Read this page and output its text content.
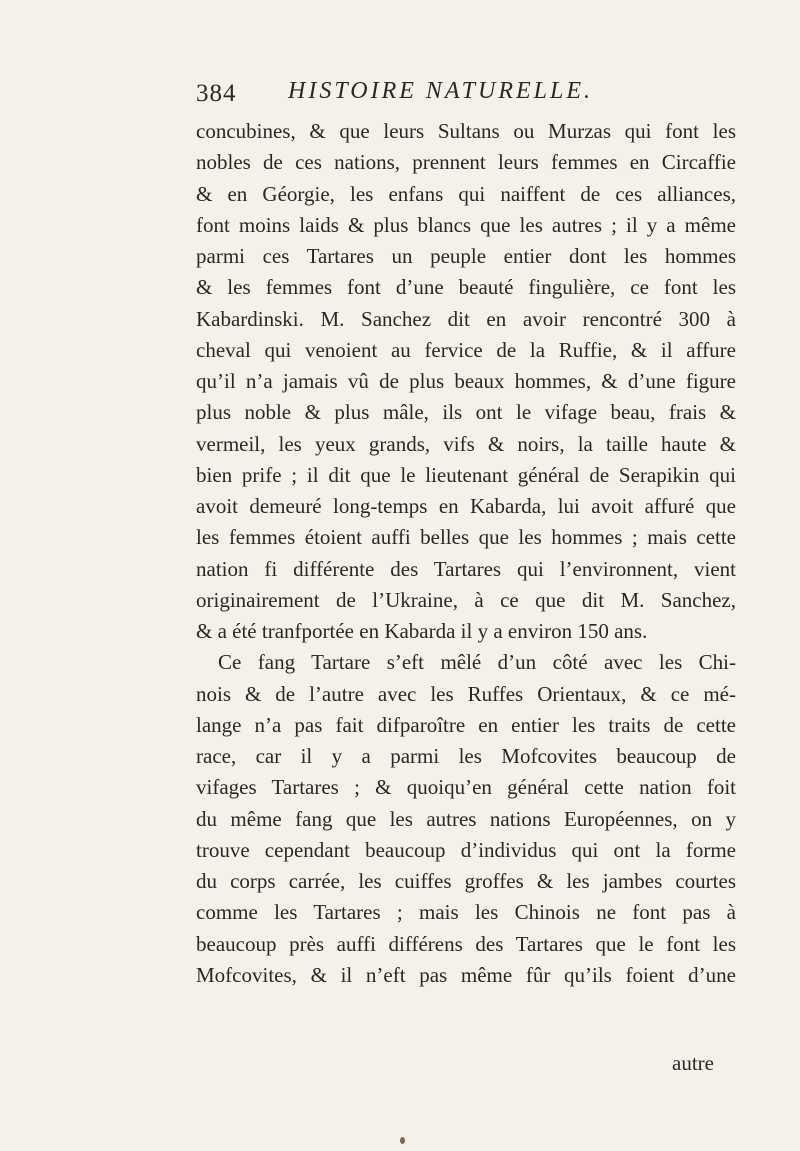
384 HISTOIRE NATURELLE.
concubines, & que leurs Sultans ou Murzas qui font les
nobles de ces nations, prennent leurs femmes en Circaffie
& en Géorgie, les enfans qui naiffent de ces alliances,
font moins laids & plus blancs que les autres ; il y a même
parmi ces Tartares un peuple entier dont les hommes
& les femmes font d’une beauté fingulière, ce font les
Kabardinski. M. Sanchez dit en avoir rencontré 300 à
cheval qui venoient au fervice de la Ruffie, & il affure
qu’il n’a jamais vû de plus beaux hommes, & d’une figure
plus noble & plus mâle, ils ont le vifage beau, frais &
vermeil, les yeux grands, vifs & noirs, la taille haute &
bien prife ; il dit que le lieutenant général de Serapikin qui
avoit demeuré long-temps en Kabarda, lui avoit affuré que
les femmes étoient auffi belles que les hommes ; mais cette
nation fi différente des Tartares qui l’environnent, vient
originairement de l’Ukraine, à ce que dit M. Sanchez,
& a été tranfportée en Kabarda il y a environ 150 ans.
Ce fang Tartare s’eft mêlé d’un côté avec les Chi-
nois & de l’autre avec les Ruffes Orientaux, & ce mé-
lange n’a pas fait difparoître en entier les traits de cette
race, car il y a parmi les Mofcovites beaucoup de
vifages Tartares ; & quoiqu’en général cette nation foit
du même fang que les autres nations Européennes, on y
trouve cependant beaucoup d’individus qui ont la forme
du corps carrée, les cuiffes groffes & les jambes courtes
comme les Tartares ; mais les Chinois ne font pas à
beaucoup près auffi différens des Tartares que le font les
Mofcovites, & il n’eft pas même fûr qu’ils foient d’une
autre
